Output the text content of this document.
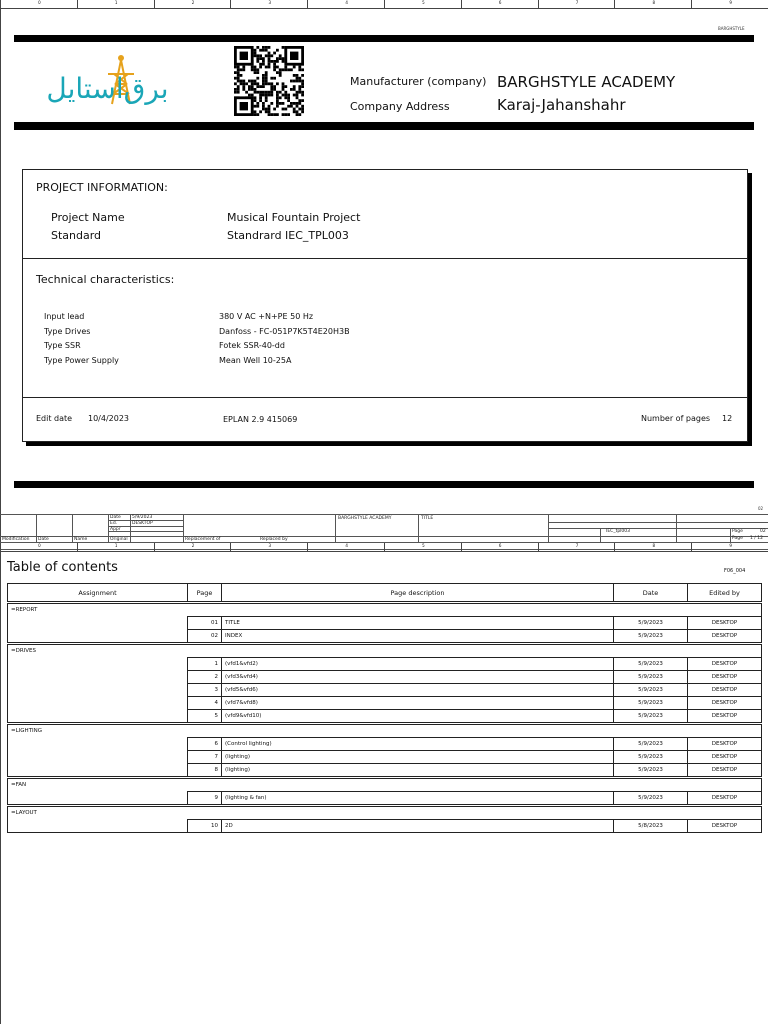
0	1	2	3	4	5	6	7	8	9
BARGHSTYLE
برق‌استایل	Manufacturer (company) BARGHSTYLE ACADEMY
Company Address	Karaj-Jahanshahr
PROJECT INFORMATION:
Project Name	Musical Fountain Project
Standard	Standrard IEC_TPL003
Technical characteristics:
Input lead	380 V AC +N+PE 50 Hz
Type Drives	Danfoss - FC-051P7K5T4E20H3B
Type SSR	Fotek SSR-40-dd
Type Power Supply	Mean Well 10-25A
Edit date 10/4/2023	EPLAN 2.9 415069	Number of pages 12
02
Date 5/9/2023
Ed.	DESKTOP
Appr
Modification Date	Name	Original	Replacement of	Replaced by
BARGHSTYLE ACADEMY	TITLE
IEC_tpl003	Page	02
Page 1 / 12
0	1	2	3	4	5	6	7	8	9
Table of contents	F06_004
Assignment	Page	Page description	Date	Edited by

=REPORT				
	01	TITLE	5/9/2023	DESKTOP
	02	INDEX	5/9/2023	DESKTOP

=DRIVES				
	1	(vfd1&vfd2)	5/9/2023	DESKTOP
	2	(vfd3&vfd4)	5/9/2023	DESKTOP
	3	(vfd5&vfd6)	5/9/2023	DESKTOP
	4	(vfd7&vfd8)	5/9/2023	DESKTOP
	5	(vfd9&vfd10)	5/9/2023	DESKTOP

=LIGHTING				
	6	(Control lighting)	5/9/2023	DESKTOP
	7	(lighting)	5/9/2023	DESKTOP
	8	(lighting)	5/9/2023	DESKTOP

=FAN				
	9	(lighting & fan)	5/9/2023	DESKTOP

=LAYOUT				
	10	2D	5/8/2023	DESKTOP
